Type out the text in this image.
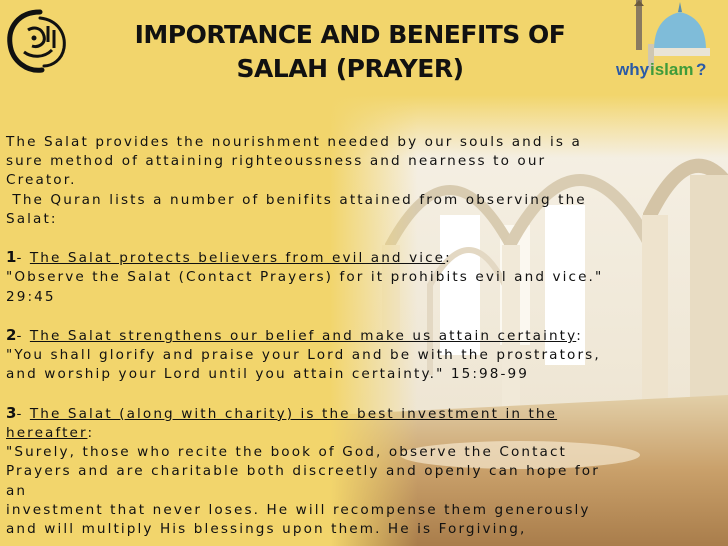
why islam ?
IMPORTANCE AND BENEFITS OF
SALAH (PRAYER)

The Salat provides the nourishment needed by our souls and is a

sure method of attaining righteoussness and nearness to our Creator.

The Quran lists a number of benifits attained from observing the

Salat:

1- The Salat protects believers from evil and vice:

"Observe the Salat (Contact Prayers) for it prohibits evil and vice."

29:45

2- The Salat strengthens our belief and make us attain certainty:

"You shall glorify and praise your Lord and be with the prostrators,

and worship your Lord until you attain certainty." 15:98-99

3- The Salat (along with charity) is the best investment in the

hereafter:

"Surely, those who recite the book of God, observe the Contact

Prayers and are charitable both discreetly and openly can hope for an

investment that never loses. He will recompense them generously

and will multiply His blessings upon them. He is Forgiving,
